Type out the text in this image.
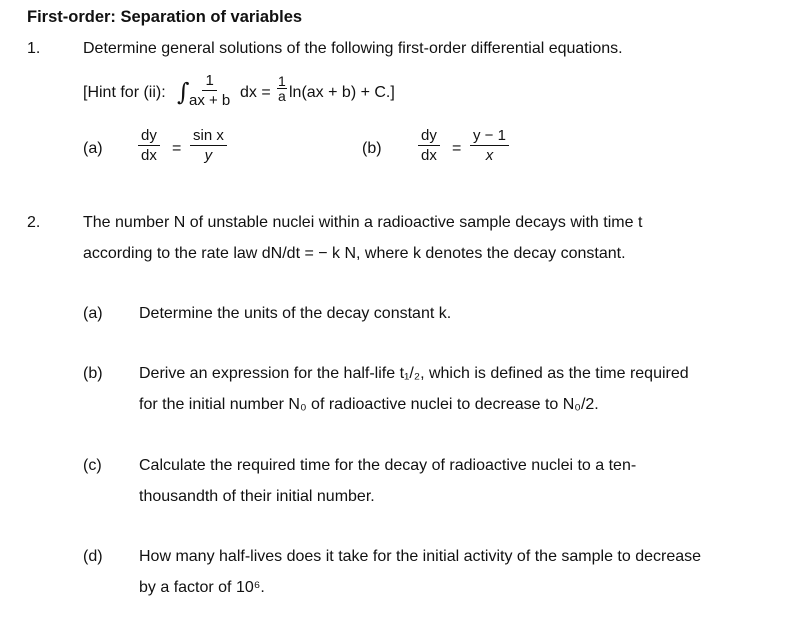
First-order: Separation of variables
1.	Determine general solutions of the following first‑order differential equations.
[Hint for (ii): ∫ $\frac{1}{ax + b}$ dx = $\frac{1}{a} \ln(ax + b) + C$.]
$(a) \frac{dy}{dx} = \frac{\text{sin x}}{y}$	$(b) \frac{dy}{dx} = \frac{y - 1}{x}$
2.	The number N of unstable nuclei within a radioactive sample decays with time t
according to the rate law dN/dt = − k N, where k denotes the decay constant.
(a) Determine the units of the decay constant k.
(b) Derive an expression for the half‑life t₁/₂, which is defined as the time required
for the initial number N₀ of radioactive nuclei to decrease to N₀/2.
(c) Calculate the required time for the decay of radioactive nuclei to a ten‑
thousandth of their initial number.
(d) How many half‑lives does it take for the initial activity of the sample to decrease
by a factor of 10⁶.
